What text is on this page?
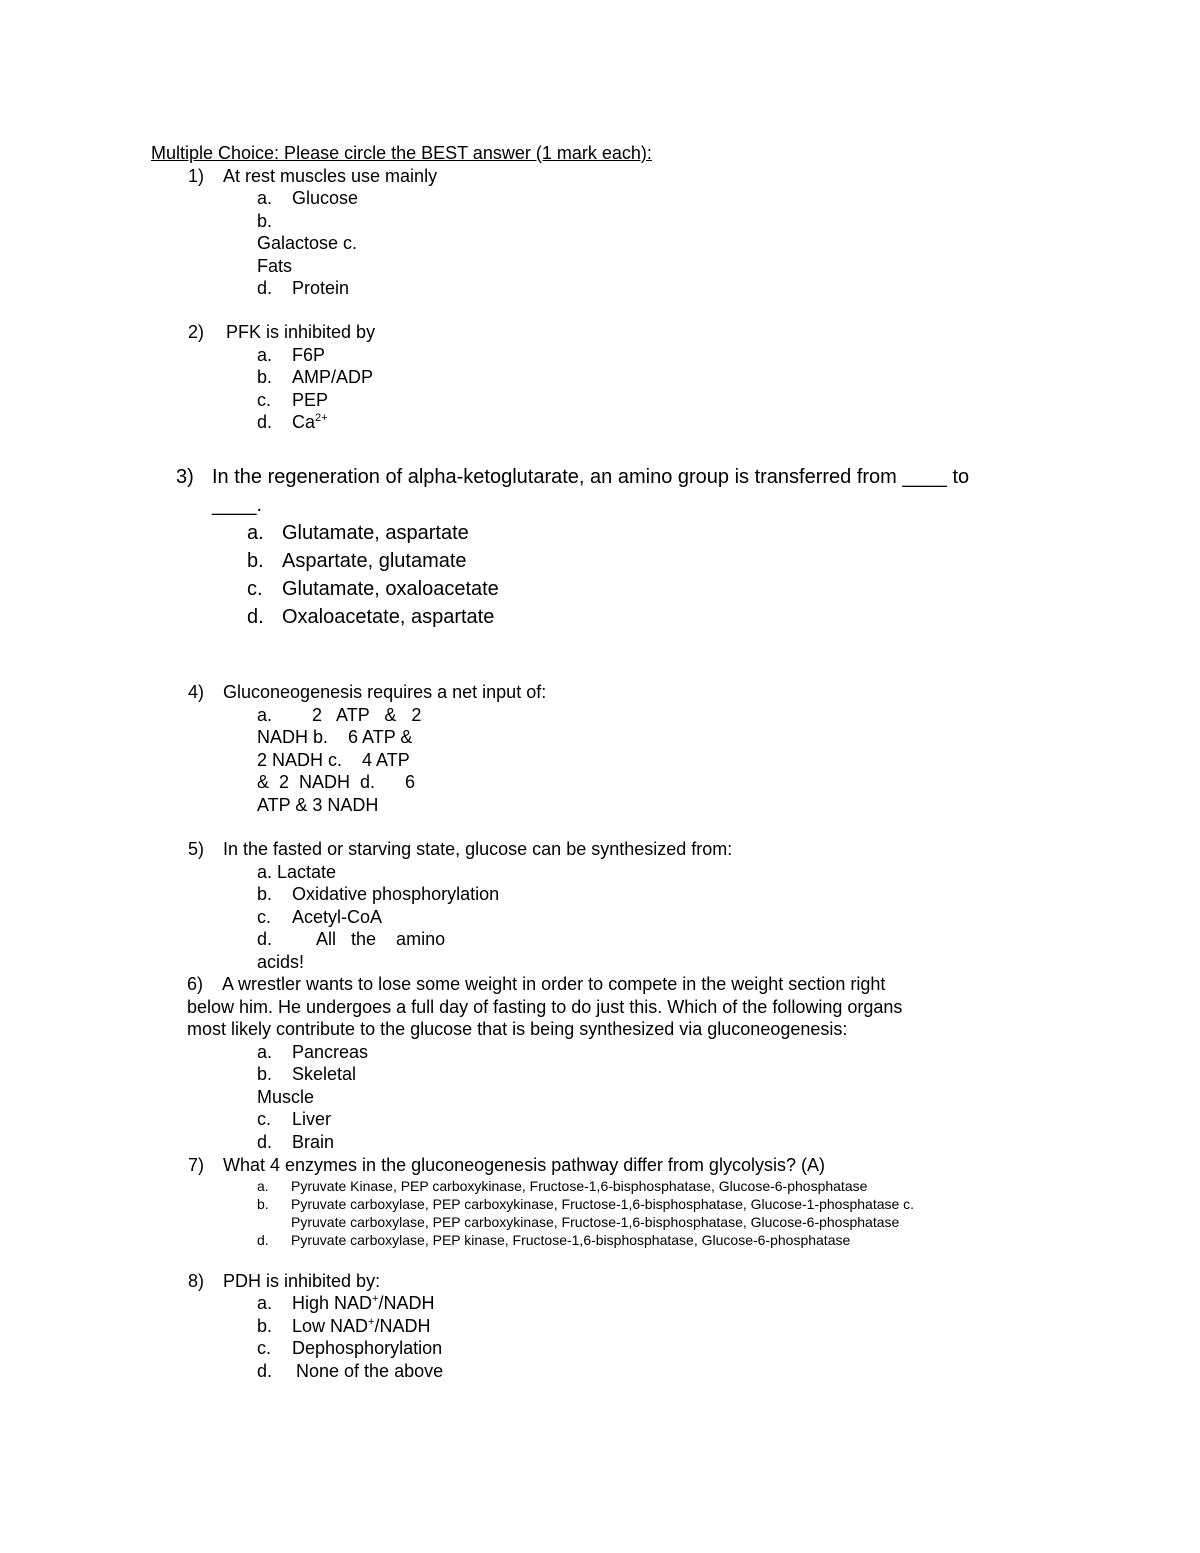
Multiple Choice: Please circle the BEST answer (1 mark each):
1) At rest muscles use mainly
a. Glucose
b.
Galactose c.
Fats
d. Protein
2) PFK is inhibited by
a. F6P
b. AMP/ADP
c. PEP
d. $Ca^{2+}$
3) In the regeneration of alpha-ketoglutarate, an amino group is transferred from ____ to
____.
a. Glutamate, aspartate
b. Aspartate, glutamate
c. Glutamate, oxaloacetate
d. Oxaloacetate, aspartate
4) Gluconeogenesis requires a net input of:
a.        2   ATP   &   2
NADH b.    6 ATP &
2 NADH c.    4 ATP
&  2  NADH  d.      6
ATP & 3 NADH
5) In the fasted or starving state, glucose can be synthesized from:
a. Lactate
b. Oxidative phosphorylation
c. Acetyl-CoA
d.         All   the    amino
acids!
6)    A wrestler wants to lose some weight in order to compete in the weight section right
below him. He undergoes a full day of fasting to do just this. Which of the following organs
most likely contribute to the glucose that is being synthesized via gluconeogenesis:
a. Pancreas
b. Skeletal
Muscle
c. Liver
d. Brain
7) What 4 enzymes in the gluconeogenesis pathway differ from glycolysis? (A)
a. Pyruvate Kinase, PEP carboxykinase, Fructose-1,6-bisphosphatase, Glucose-6-phosphatase
b. Pyruvate carboxylase, PEP carboxykinase, Fructose-1,6-bisphosphatase, Glucose-1-phosphatase c.
Pyruvate carboxylase, PEP carboxykinase, Fructose-1,6-bisphosphatase, Glucose-6-phosphatase
d. Pyruvate carboxylase, PEP kinase, Fructose-1,6-bisphosphatase, Glucose-6-phosphatase
8) PDH is inhibited by:
a. High NAD+/NADH
b. Low NAD+/NADH
c. Dephosphorylation
d. None of the above
